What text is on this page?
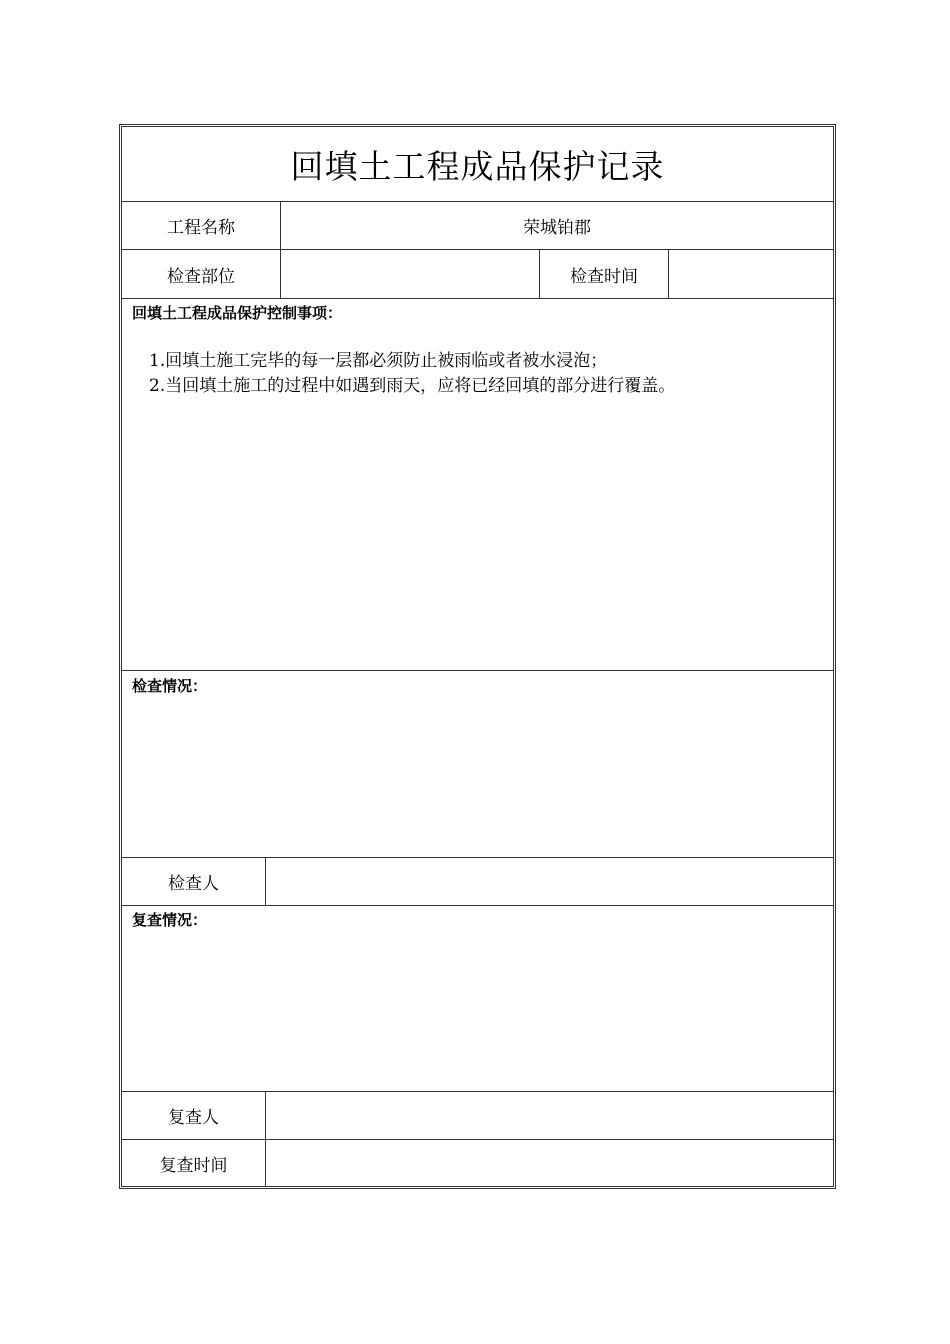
回填土工程成品保护记录
工程名称	荣城铂郡
检查部位	检查时间
回填土工程成品保护控制事项：
1.回填土施工完毕的每一层都必须防止被雨临或者被水浸泡；
2.当回填土施工的过程中如遇到雨天，应将已经回填的部分进行覆盖。
检查情况：
检查人
复查情况：
复查人
复查时间
